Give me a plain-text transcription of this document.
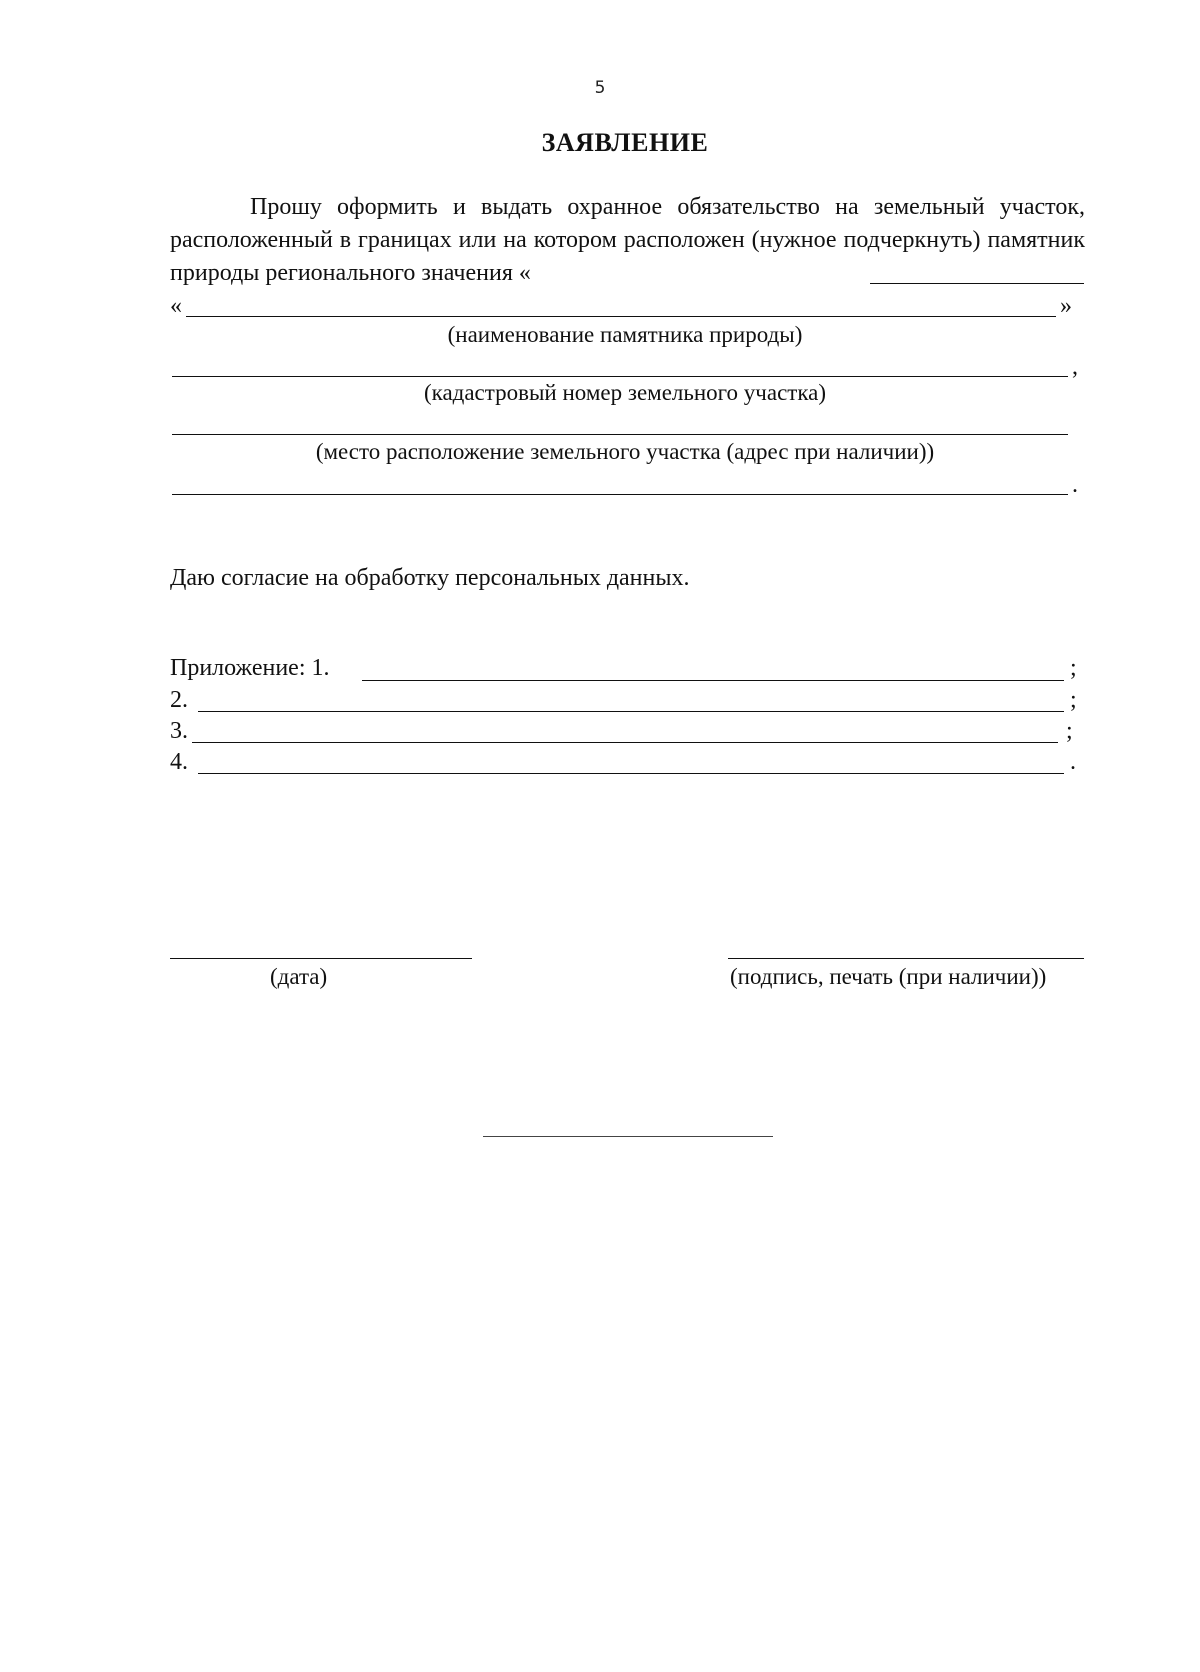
5
ЗАЯВЛЕНИЕ
Прошу оформить и выдать охранное обязательство на земельный участок, расположенный в границах или на котором расположен (нужное подчеркнуть) памятник природы регионального значения «
«	»
(наименование памятника природы)
,
(кадастровый номер земельного участка)
(место расположение земельного участка (адрес при наличии))
.
Даю согласие на обработку персональных данных.
Приложение: 1.	;
2.	;
3.	;
4.	.
(дата)	(подпись, печать (при наличии))
